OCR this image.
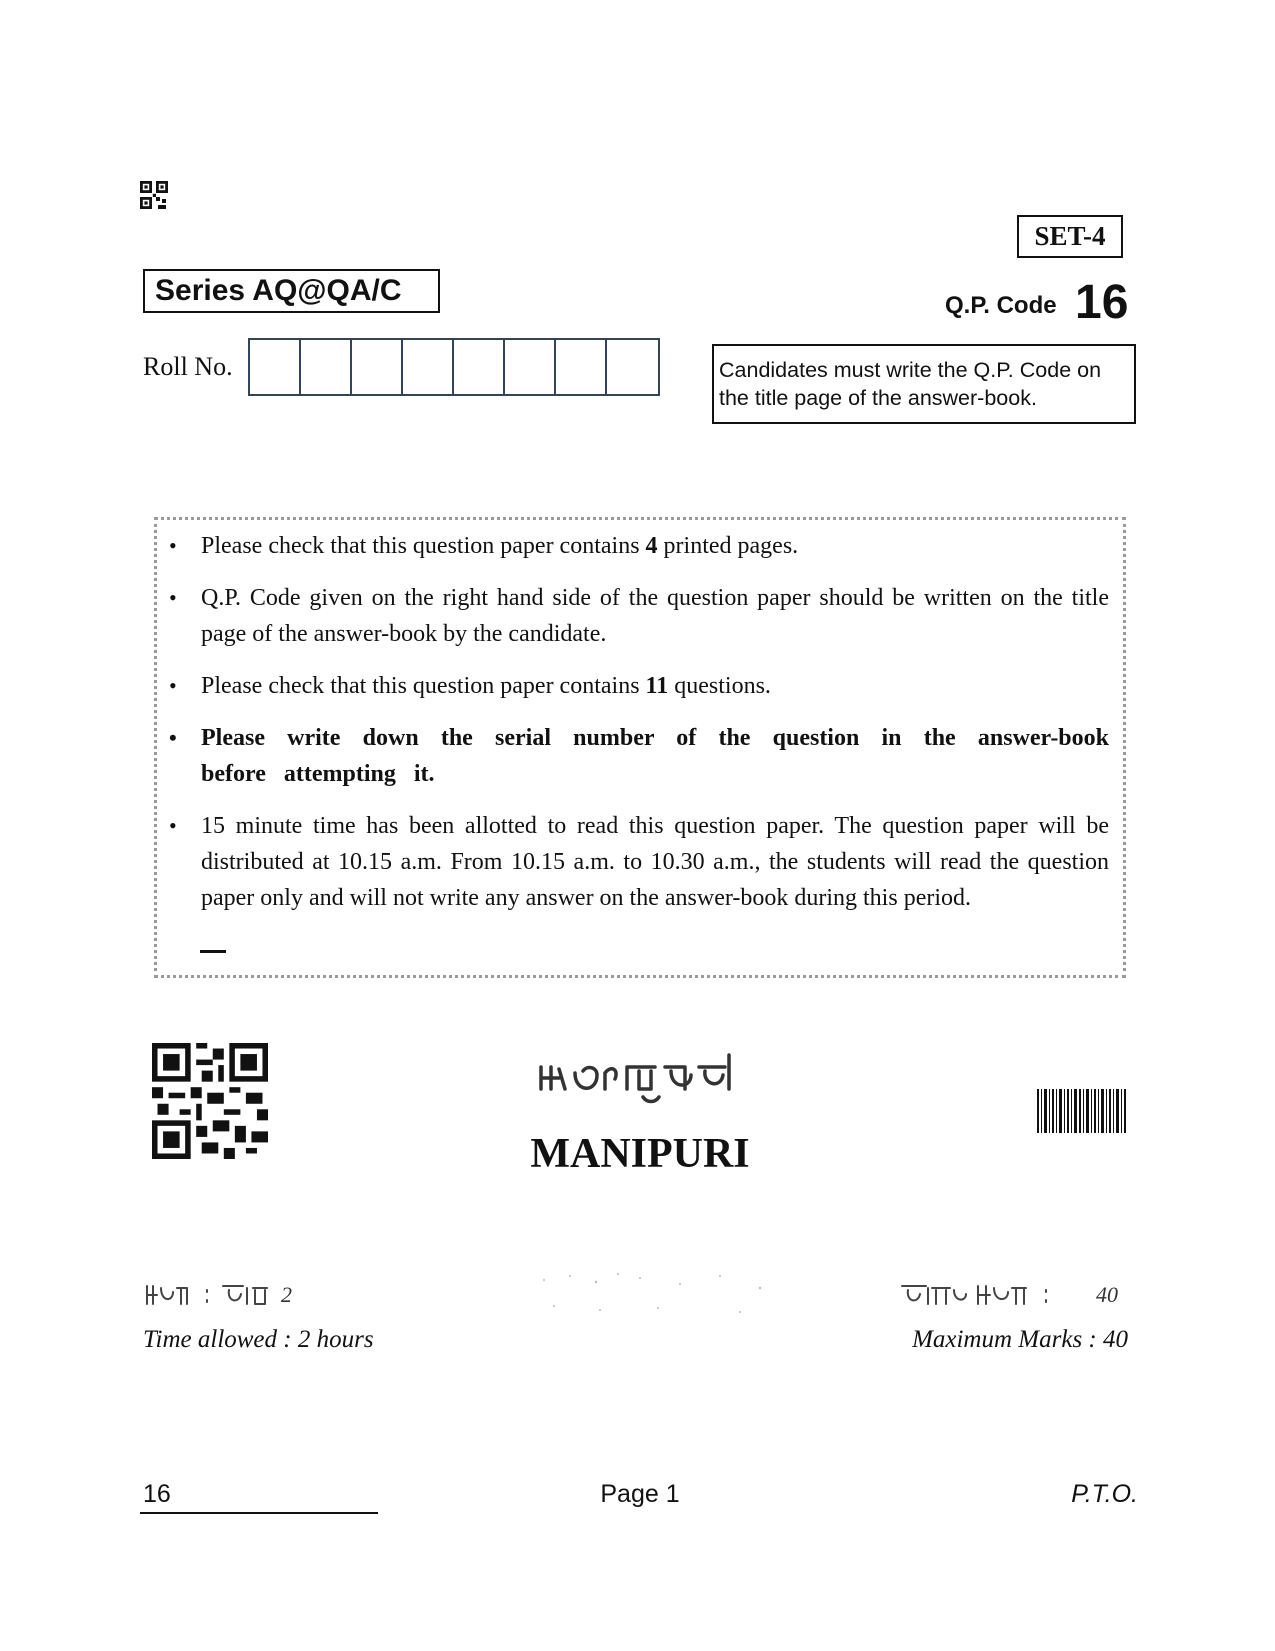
SET-4
Series AQ@QA/C	Q.P. Code 16
Roll No.	Candidates must write the Q.P. Code on the title page of the answer-book.
• Please check that this question paper contains 4 printed pages.
• Q.P. Code given on the right hand side of the question paper should be written on the title page of the answer-book by the candidate.
• Please check that this question paper contains 11 questions.
• Please write down the serial number of the question in the answer-book before attempting it.
• 15 minute time has been allotted to read this question paper. The question paper will be distributed at 10.15 a.m. From 10.15 a.m. to 10.30 a.m., the students will read the question paper only and will not write any answer on the answer-book during this period.
MANIPURI
2
Time allowed : 2 hours
40
Maximum Marks : 40
16	Page 1	P.T.O.
